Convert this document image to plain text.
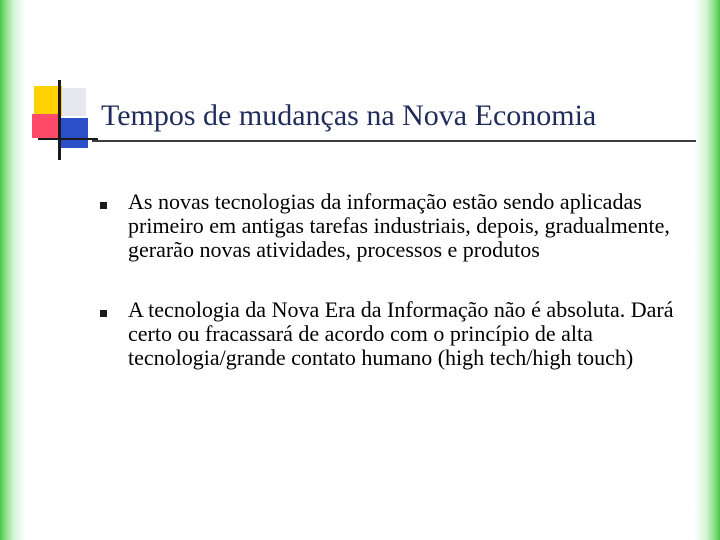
Tempos de mudanças na Nova Economia
As novas tecnologias da informação estão sendo aplicadas primeiro em antigas tarefas industriais, depois, gradualmente, gerarão novas atividades, processos e produtos
A tecnologia da Nova Era da Informação não é absoluta. Dará certo ou fracassará de acordo com o princípio de alta tecnologia/grande contato humano (high tech/high touch)
